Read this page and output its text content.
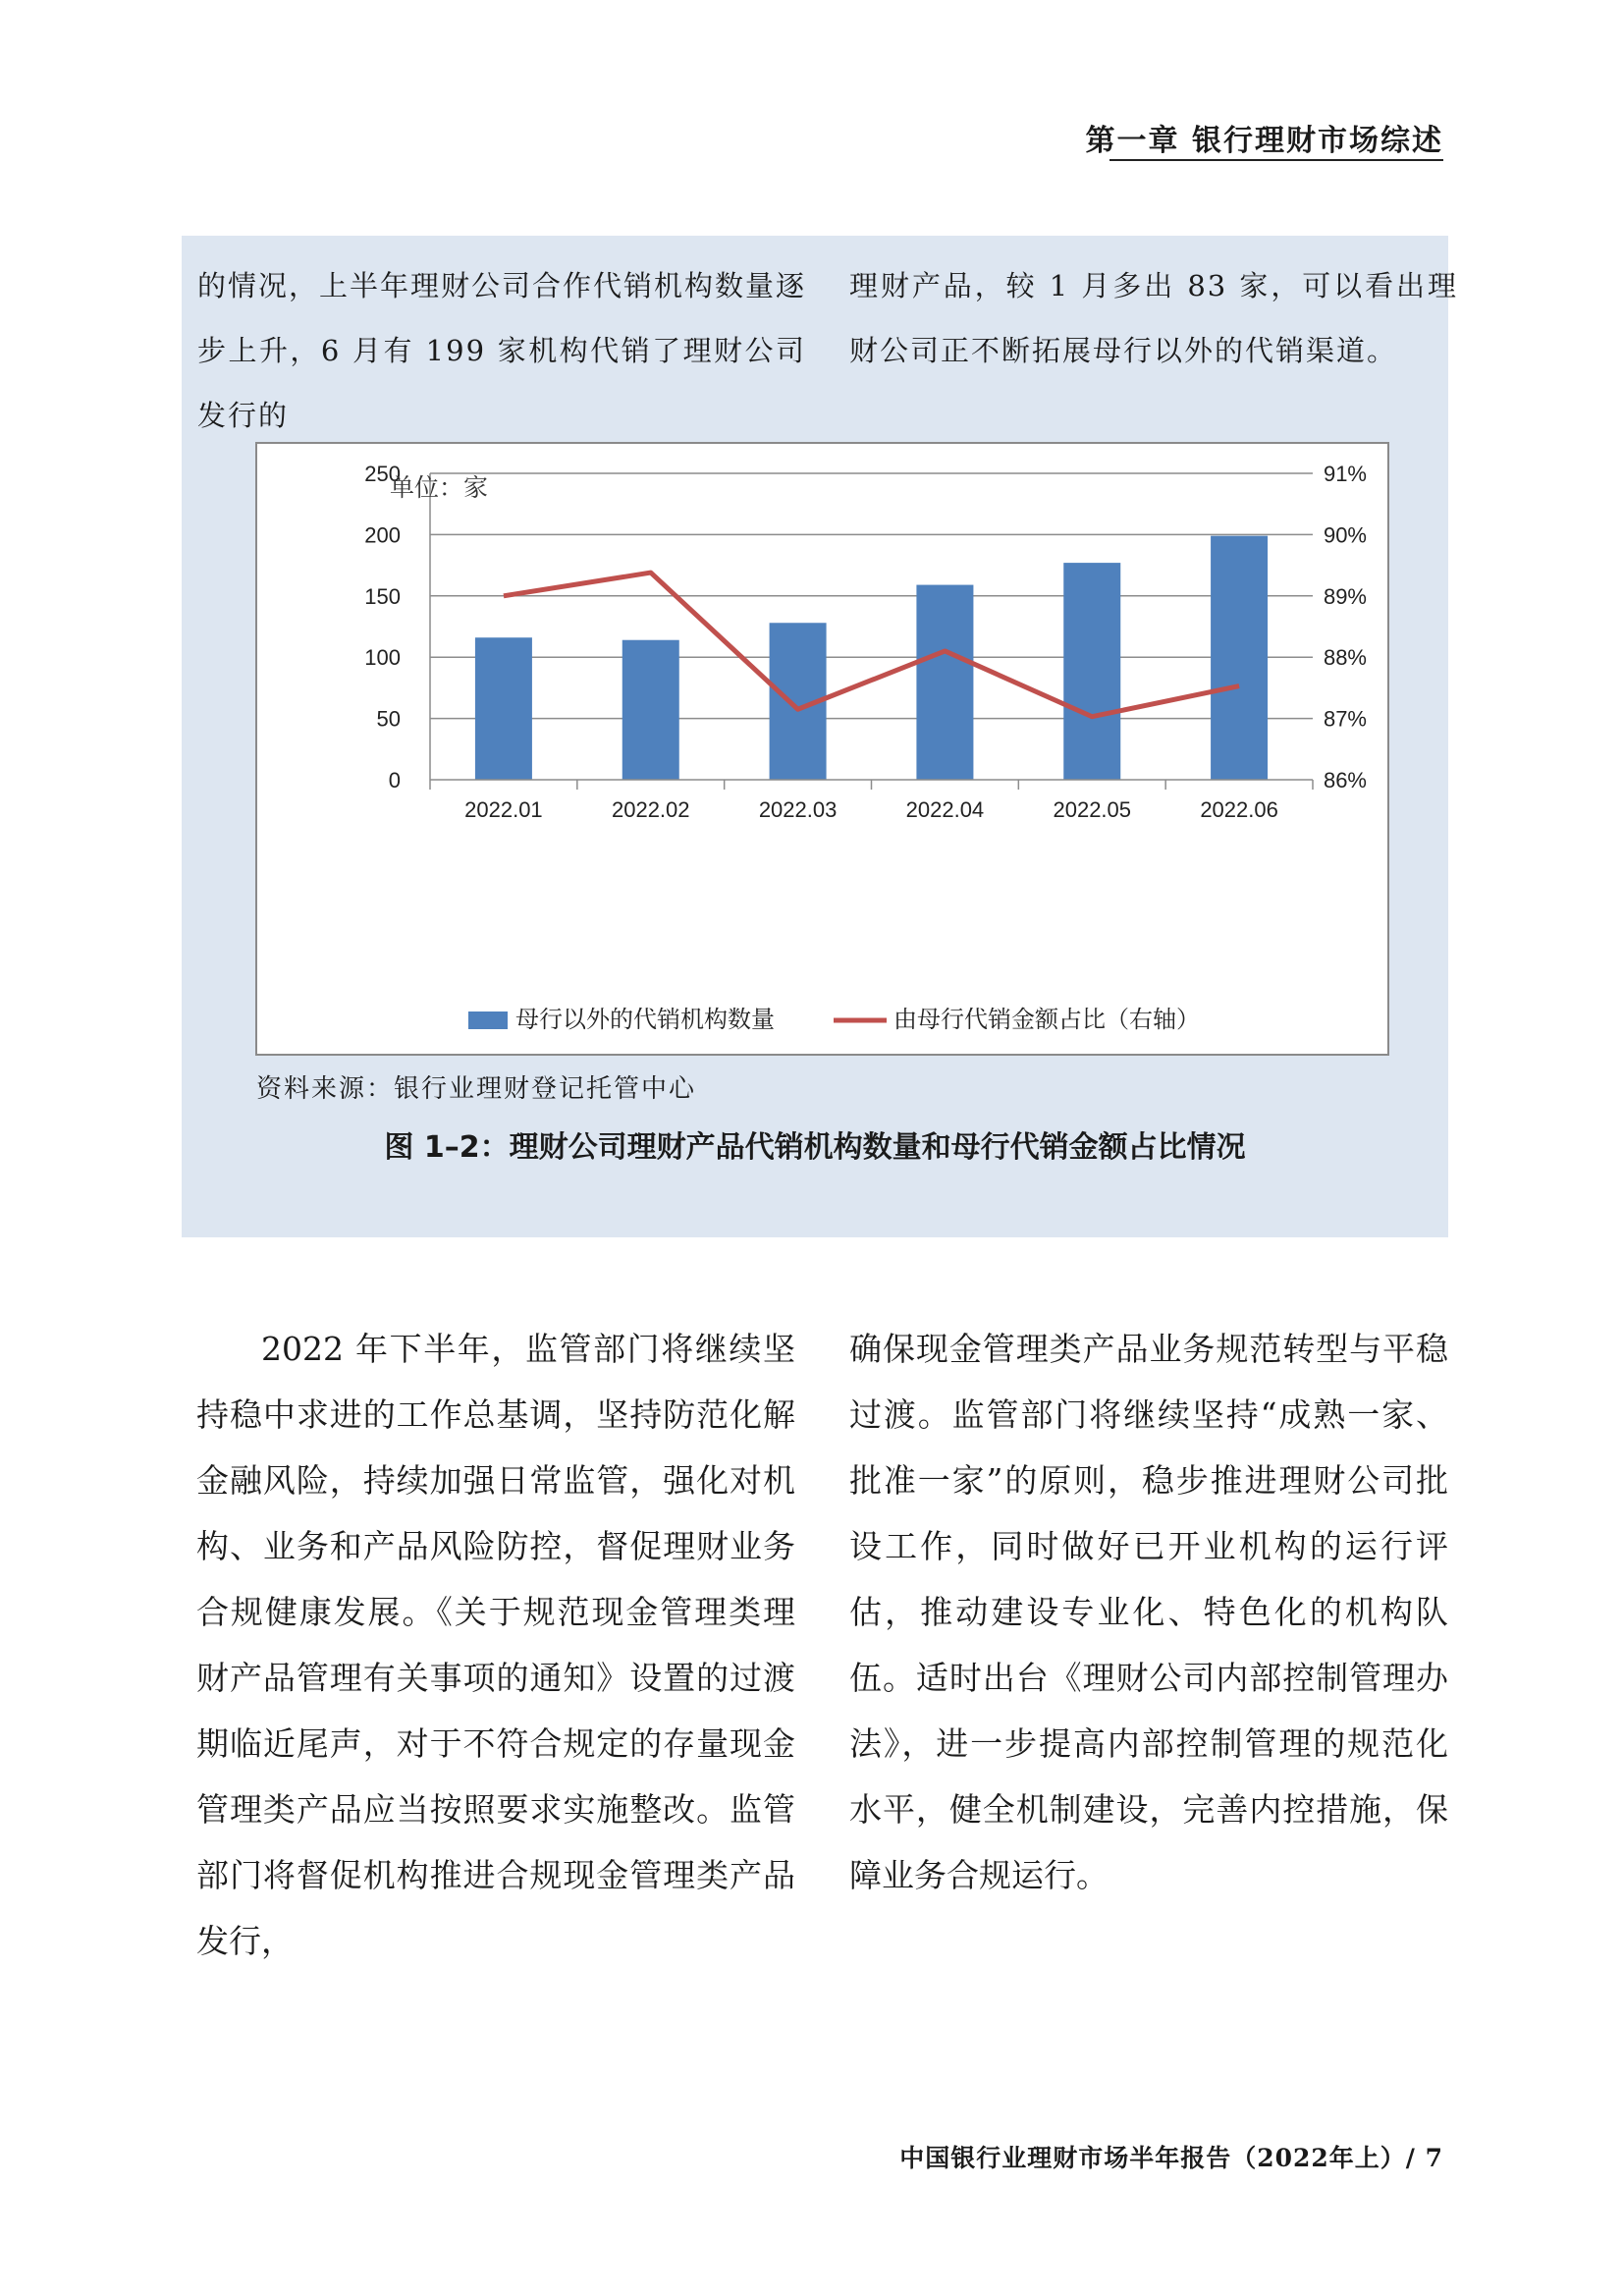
第一章 银行理财市场综述
的情况，上半年理财公司合作代销机构数量逐步上升，6 月有 199 家机构代销了理财公司发行的
理财产品，较 1 月多出 83 家，可以看出理财公司正不断拓展母行以外的代销渠道。
0
50
100
150
200
250
86%
87%
88%
89%
90%
91%
2022.01	2022.02	2022.03	2022.04	2022.05	2022.06
单位：家
母行以外的代销机构数量	由母行代销金额占比（右轴）
资料来源：银行业理财登记托管中心
图 1–2：理财公司理财产品代销机构数量和母行代销金额占比情况
2022 年下半年，监管部门将继续坚持稳中求进的工作总基调，坚持防范化解金融风险，持续加强日常监管，强化对机构、业务和产品风险防控，督促理财业务合规健康发展。《关于规范现金管理类理财产品管理有关事项的通知》设置的过渡期临近尾声，对于不符合规定的存量现金管理类产品应当按照要求实施整改。监管部门将督促机构推进合规现金管理类产品发行，
确保现金管理类产品业务规范转型与平稳过渡。监管部门将继续坚持“成熟一家、批准一家”的原则，稳步推进理财公司批设工作，同时做好已开业机构的运行评估，推动建设专业化、特色化的机构队伍。适时出台《理财公司内部控制管理办法》，进一步提高内部控制管理的规范化水平，健全机制建设，完善内控措施，保障业务合规运行。
中国银行业理财市场半年报告（2022年上）/ 7
